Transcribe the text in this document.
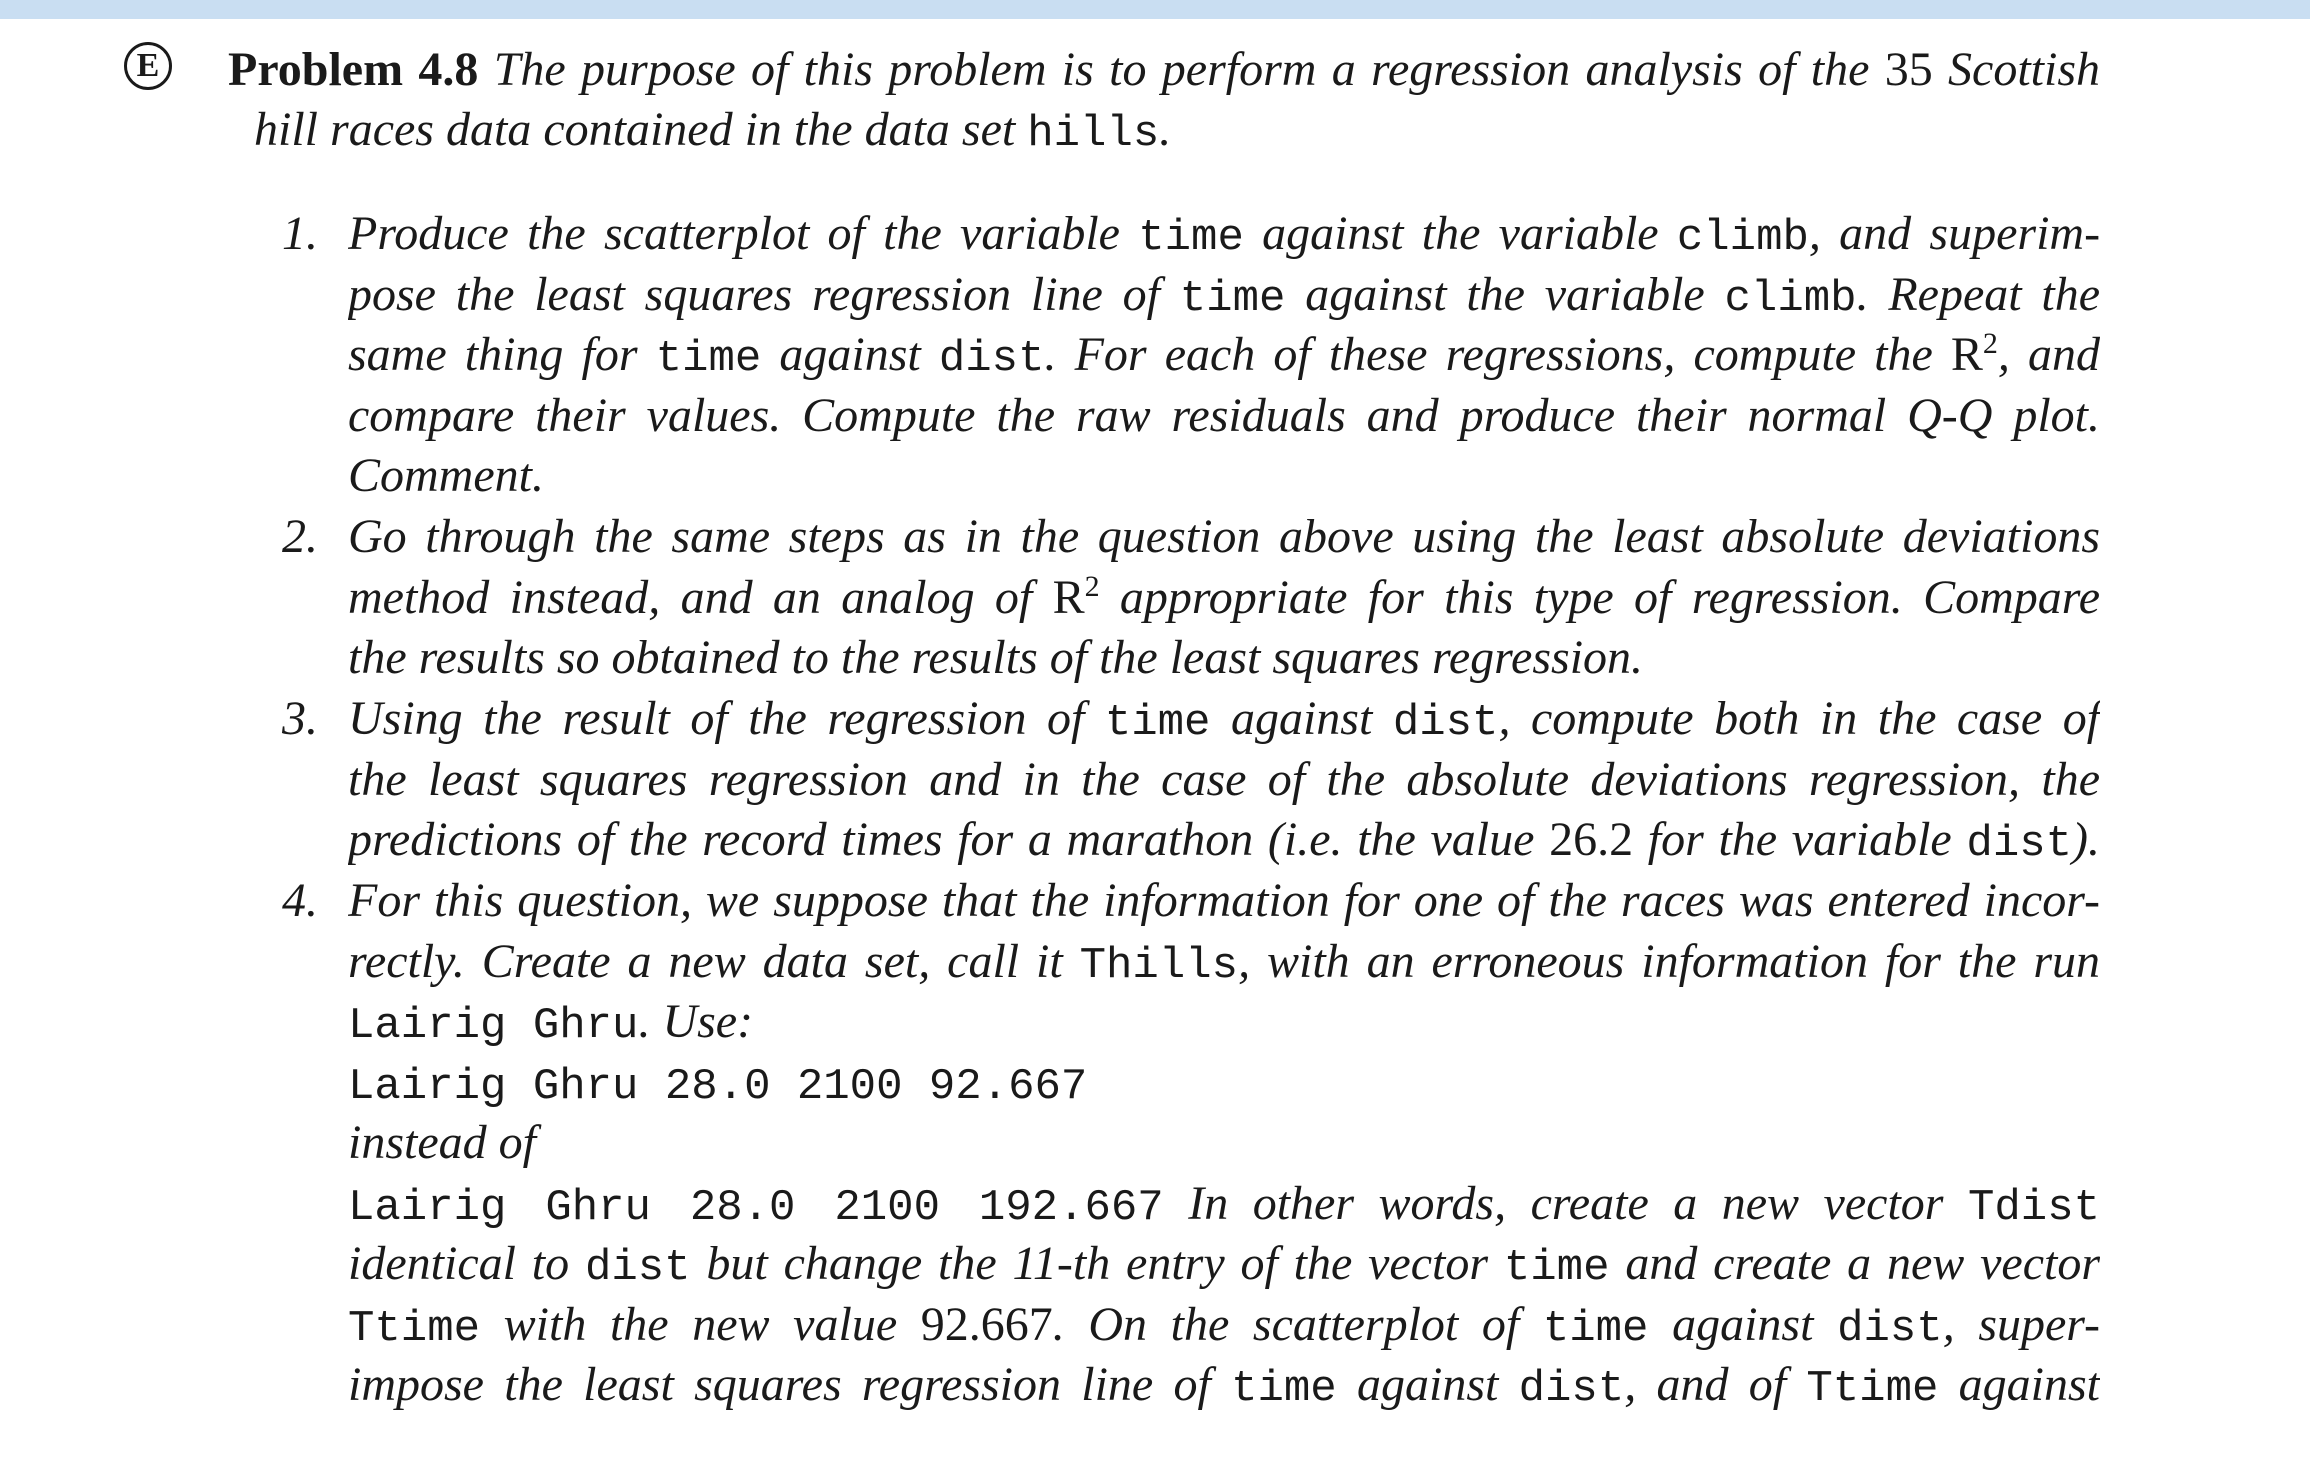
E Problem 4.8 The purpose of this problem is to perform a regression analysis of the 35 Scottish
hill races data contained in the data set hills.
1. Produce the scatterplot of the variable time against the variable climb, and superim-
pose the least squares regression line of time against the variable climb. Repeat the
same thing for time against dist. For each of these regressions, compute the $R^2$, and
compare their values. Compute the raw residuals and produce their normal Q-Q plot.
Comment.
2. Go through the same steps as in the question above using the least absolute deviations
method instead, and an analog of $R^2$ appropriate for this type of regression. Compare
the results so obtained to the results of the least squares regression.
3. Using the result of the regression of time against dist, compute both in the case of
the least squares regression and in the case of the absolute deviations regression, the
predictions of the record times for a marathon (i.e. the value 26.2 for the variable dist).
4. For this question, we suppose that the information for one of the races was entered incor-
rectly. Create a new data set, call it Thills, with an erroneous information for the run
Lairig Ghru. Use:
Lairig Ghru 28.0 2100 92.667
instead of
Lairig Ghru 28.0 2100 192.667 In other words, create a new vector Tdist
identical to dist but change the 11-th entry of the vector time and create a new vector
Ttime with the new value 92.667. On the scatterplot of time against dist, super-
impose the least squares regression line of time against dist, and of Ttime against
